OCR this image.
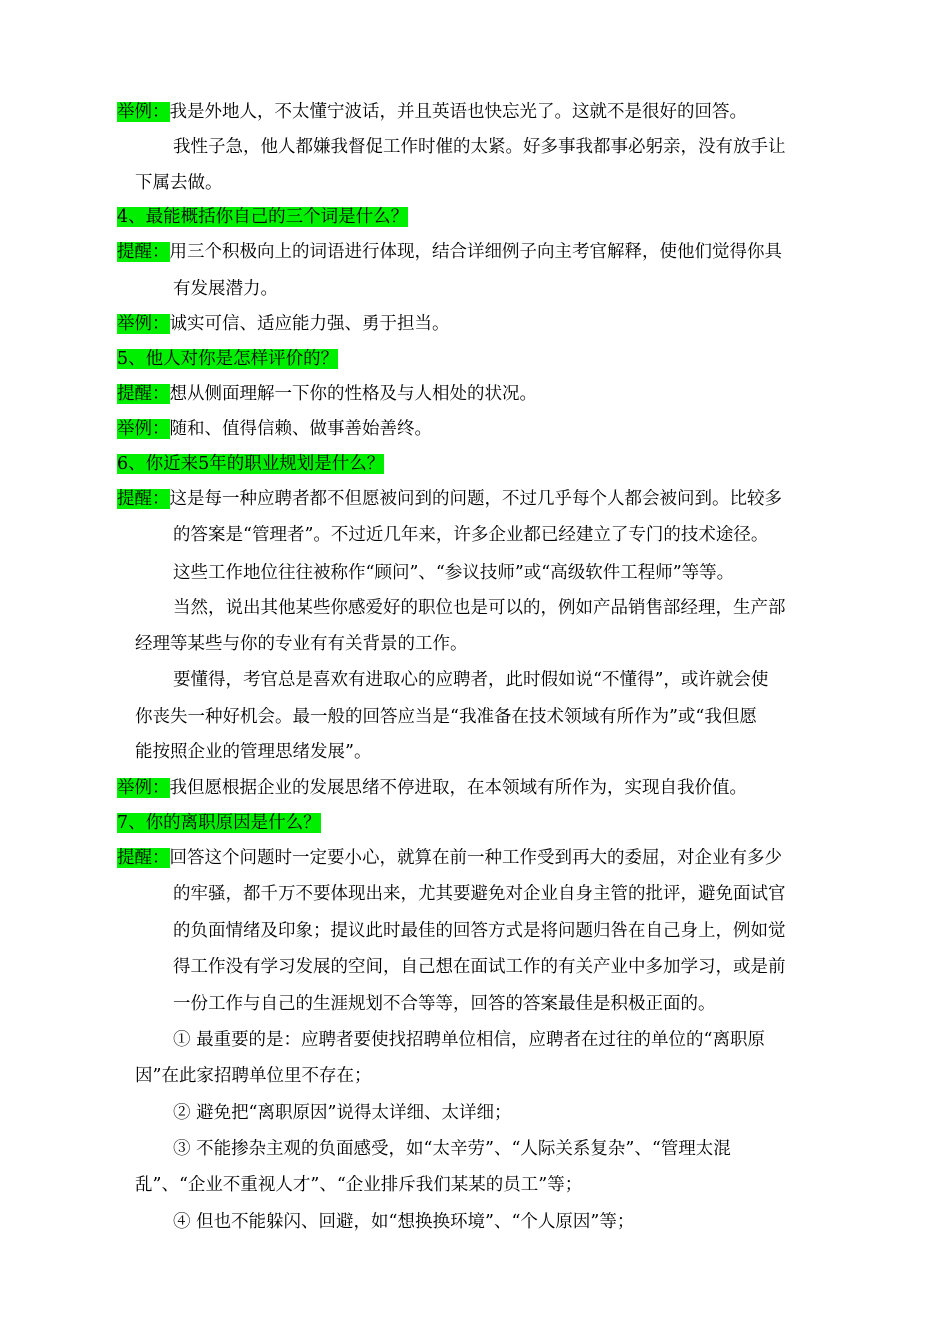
举例：我是外地人，不太懂宁波话，并且英语也快忘光了。这就不是很好的回答。
我性子急，他人都嫌我督促工作时催的太紧。好多事我都事必躬亲，没有放手让
下属去做。
4、最能概括你自己的三个词是什么？
提醒：用三个积极向上的词语进行体现，结合详细例子向主考官解释，使他们觉得你具
有发展潜力。
举例：诚实可信、适应能力强、勇于担当。
5、他人对你是怎样评价的？
提醒：想从侧面理解一下你的性格及与人相处的状况。
举例：随和、值得信赖、做事善始善终。
6、你近来5年的职业规划是什么？
提醒：这是每一种应聘者都不但愿被问到的问题，不过几乎每个人都会被问到。比较多
的答案是“管理者”。不过近几年来，许多企业都已经建立了专门的技术途径。
这些工作地位往往被称作“顾问”、“参议技师”或“高级软件工程师”等等。
当然，说出其他某些你感爱好的职位也是可以的，例如产品销售部经理，生产部
经理等某些与你的专业有有关背景的工作。
要懂得，考官总是喜欢有进取心的应聘者，此时假如说“不懂得”，或许就会使
你丧失一种好机会。最一般的回答应当是“我准备在技术领域有所作为”或“我但愿
能按照企业的管理思绪发展”。
举例：我但愿根据企业的发展思绪不停进取，在本领域有所作为，实现自我价值。
7、你的离职原因是什么？
提醒：回答这个问题时一定要小心，就算在前一种工作受到再大的委屈，对企业有多少
的牢骚，都千万不要体现出来，尤其要避免对企业自身主管的批评，避免面试官
的负面情绪及印象；提议此时最佳的回答方式是将问题归咎在自己身上，例如觉
得工作没有学习发展的空间，自己想在面试工作的有关产业中多加学习，或是前
一份工作与自己的生涯规划不合等等，回答的答案最佳是积极正面的。
① 最重要的是：应聘者要使找招聘单位相信，应聘者在过往的单位的“离职原
因”在此家招聘单位里不存在；
② 避免把“离职原因”说得太详细、太详细；
③ 不能掺杂主观的负面感受，如“太辛劳”、“人际关系复杂”、“管理太混
乱”、“企业不重视人才”、“企业排斥我们某某的员工”等；
④ 但也不能躲闪、回避，如“想换换环境”、“个人原因”等；
